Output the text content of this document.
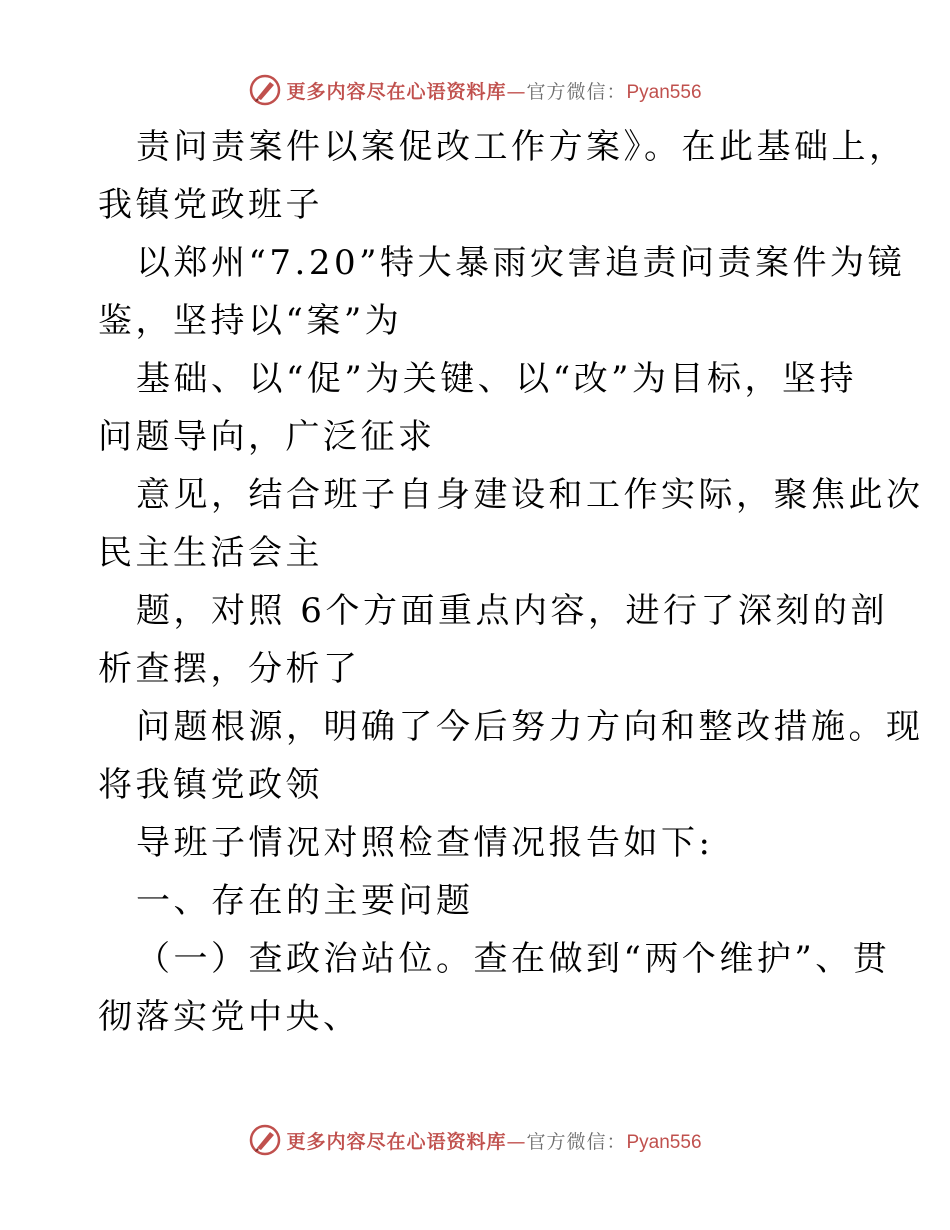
更多内容尽在心语资料库—官方微信：Pyan556
责问责案件以案促改工作方案》。在此基础上，
我镇党政班子
以郑州“7.20”特大暴雨灾害追责问责案件为镜
鉴，坚持以“案”为
基础、以“促”为关键、以“改”为目标，坚持
问题导向，广泛征求
意见，结合班子自身建设和工作实际，聚焦此次
民主生活会主
题，对照 6个方面重点内容，进行了深刻的剖
析查摆，分析了
问题根源，明确了今后努力方向和整改措施。现
将我镇党政领
导班子情况对照检查情况报告如下:
一、存在的主要问题
（一）查政治站位。查在做到“两个维护”、贯
彻落实党中央、
更多内容尽在心语资料库—官方微信：Pyan556
